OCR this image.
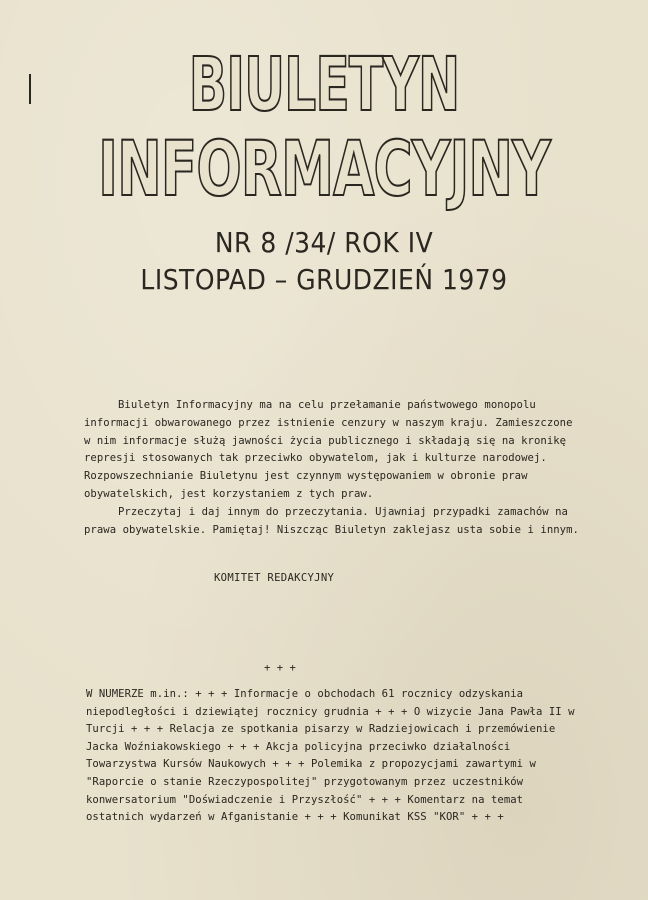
BIULETYN
INFORMACYJNY
NR 8 /34/ ROK IV
LISTOPAD – GRUDZIEŃ 1979

Biuletyn Informacyjny ma na celu przełamanie państwowego monopolu informacji obwarowanego przez istnienie cenzury w naszym kraju. Zamieszczone w nim informacje służą jawności życia publicznego i składają się na kronikę represji stosowanych tak przeciwko obywatelom, jak i kulturze narodowej. Rozpowszechnianie Biuletynu jest czynnym występowaniem w obronie praw obywatelskich, jest korzystaniem z tych praw.

Przeczytaj i daj innym do przeczytania. Ujawniaj przypadki zamachów na prawa obywatelskie. Pamiętaj! Niszcząc Biuletyn zaklejasz usta sobie i innym.

KOMITET REDAKCYJNY
+ + +

W NUMERZE m.in.: + + + Informacje o obchodach 61 rocznicy odzyskania niepodległości i dziewiątej rocznicy grudnia + + + O wizycie Jana Pawła II w Turcji + + + Relacja ze spotkania pisarzy w Radziejowicach i przemówienie Jacka Woźniakowskiego + + + Akcja policyjna przeciwko działalności Towarzystwa Kursów Naukowych + + + Polemika z propozycjami zawartymi w "Raporcie o stanie Rzeczypospolitej" przygotowanym przez uczestników konwersatorium "Doświadczenie i Przyszłość" + + + Komentarz na temat ostatnich wydarzeń w Afganistanie + + + Komunikat KSS "KOR" + + +
